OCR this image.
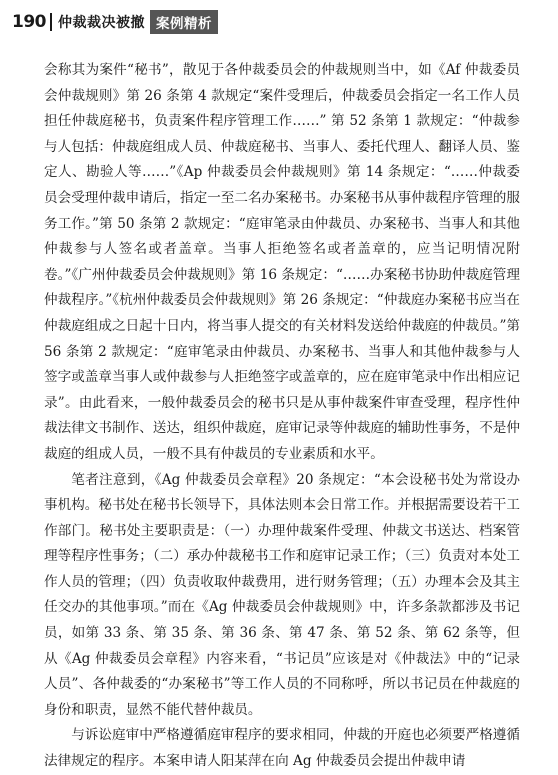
190 仲裁裁决被撤 案例精析

会称其为案件“秘书”，散见于各仲裁委员会的仲裁规则当中，如《Af 仲裁委员会仲裁规则》第 26 条第 4 款规定“案件受理后，仲裁委员会指定一名工作人员担任仲裁庭秘书，负责案件程序管理工作……” 第 52 条第 1 款规定：“仲裁参与人包括：仲裁庭组成人员、仲裁庭秘书、当事人、委托代理人、翻译人员、鉴定人、勘验人等……”《Ap 仲裁委员会仲裁规则》第 14 条规定：“……仲裁委员会受理仲裁申请后，指定一至二名办案秘书。办案秘书从事仲裁程序管理的服务工作。”第 50 条第 2 款规定：“庭审笔录由仲裁员、办案秘书、当事人和其他仲裁参与人签名或者盖章。当事人拒绝签名或者盖章的，应当记明情况附卷。”《广州仲裁委员会仲裁规则》第 16 条规定：“……办案秘书协助仲裁庭管理仲裁程序。”《杭州仲裁委员会仲裁规则》第 26 条规定：“仲裁庭办案秘书应当在仲裁庭组成之日起十日内，将当事人提交的有关材料发送给仲裁庭的仲裁员。”第 56 条第 2 款规定：“庭审笔录由仲裁员、办案秘书、当事人和其他仲裁参与人签字或盖章当事人或仲裁参与人拒绝签字或盖章的，应在庭审笔录中作出相应记录”。由此看来，一般仲裁委员会的秘书只是从事仲裁案件审查受理，程序性仲裁法律文书制作、送达，组织仲裁庭，庭审记录等仲裁庭的辅助性事务，不是仲裁庭的组成人员，一般不具有仲裁员的专业素质和水平。

笔者注意到，《Ag 仲裁委员会章程》20 条规定：“本会设秘书处为常设办事机构。秘书处在秘书长领导下，具体法则本会日常工作。并根据需要设若干工作部门。秘书处主要职责是：（一）办理仲裁案件受理、仲裁文书送达、档案管理等程序性事务；（二）承办仲裁秘书工作和庭审记录工作；（三）负责对本处工作人员的管理；（四）负责收取仲裁费用，进行财务管理；（五）办理本会及其主任交办的其他事项。”而在《Ag 仲裁委员会仲裁规则》中，许多条款都涉及书记员，如第 33 条、第 35 条、第 36 条、第 47 条、第 52 条、第 62 条等，但从《Ag 仲裁委员会章程》内容来看，“书记员”应该是对《仲裁法》中的“记录人员”、各仲裁委的“办案秘书”等工作人员的不同称呼，所以书记员在仲裁庭的身份和职责，显然不能代替仲裁员。

与诉讼庭审中严格遵循庭审程序的要求相同，仲裁的开庭也必须要严格遵循法律规定的程序。本案申请人阳某萍在向 Ag 仲裁委员会提出仲裁申请
